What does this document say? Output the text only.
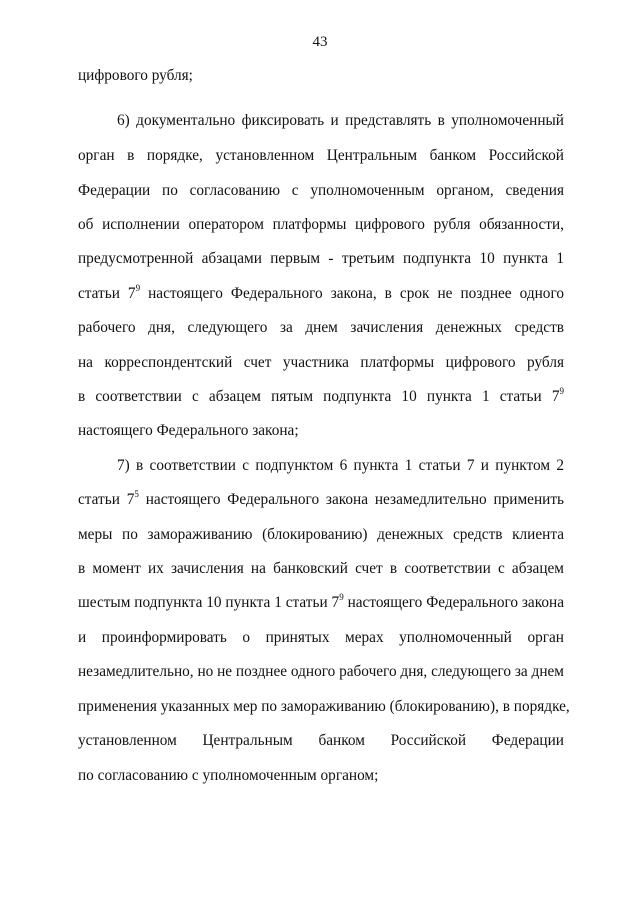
43
цифрового рубля;
6) документально фиксировать и представлять в уполномоченный
орган в порядке, установленном Центральным банком Российской
Федерации по согласованию с уполномоченным органом, сведения
об исполнении оператором платформы цифрового рубля обязанности,
предусмотренной абзацами первым - третьим подпункта 10 пункта 1
статьи $7^9$ настоящего Федерального закона, в срок не позднее одного
рабочего дня, следующего за днем зачисления денежных средств
на корреспондентский счет участника платформы цифрового рубля
в соответствии с абзацем пятым подпункта 10 пункта 1 статьи $7^9$
настоящего Федерального закона;
7) в соответствии с подпунктом 6 пункта 1 статьи 7 и пунктом 2
статьи $7^5$ настоящего Федерального закона незамедлительно применить
меры по замораживанию (блокированию) денежных средств клиента
в момент их зачисления на банковский счет в соответствии с абзацем
шестым подпункта 10 пункта 1 статьи $7^9$ настоящего Федерального закона
и проинформировать о принятых мерах уполномоченный орган
незамедлительно, но не позднее одного рабочего дня, следующего за днем
применения указанных мер по замораживанию (блокированию), в порядке,
установленном Центральным банком Российской Федерации
по согласованию с уполномоченным органом;
